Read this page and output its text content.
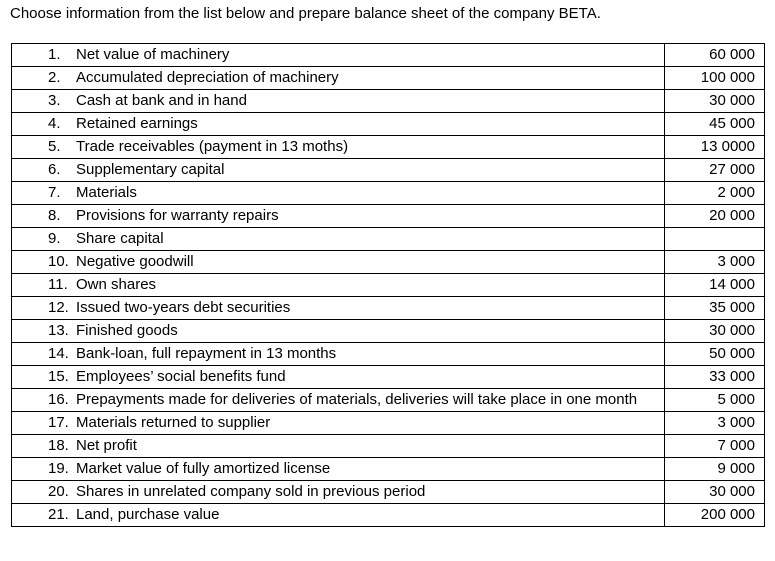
Choose information from the list below and prepare balance sheet of the company BETA.
1. Net value of machinery	60 000

2. Accumulated depreciation of machinery	100 000

3. Cash at bank and in hand	30 000

4. Retained earnings	45 000

5. Trade receivables (payment in 13 moths)	13 0000

6. Supplementary capital	27 000

7. Materials	2 000

8. Provisions for warranty repairs	20 000

9. Share capital	

10. Negative goodwill	3 000

11. Own shares	14 000

12. Issued two-years debt securities	35 000

13. Finished goods	30 000

14. Bank-loan, full repayment in 13 months	50 000

15. Employees’ social benefits fund	33 000

16. Prepayments made for deliveries of materials, deliveries will take place in one month	5 000

17. Materials returned to supplier	3 000

18. Net profit	7 000

19. Market value of fully amortized license	9 000

20. Shares in unrelated company sold in previous period	30 000

21. Land, purchase value	200 000
